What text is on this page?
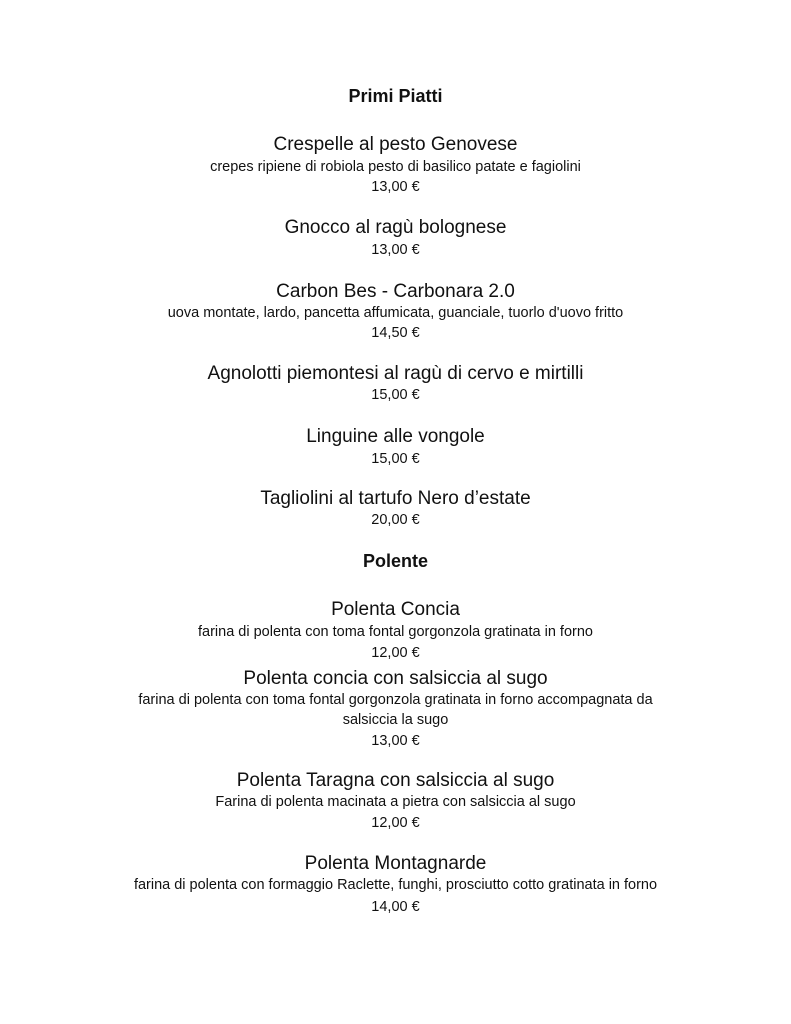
Primi Piatti
Crespelle al pesto Genovese
crepes ripiene di robiola pesto di basilico patate e fagiolini
13,00 €
Gnocco al ragù bolognese
13,00 €
Carbon Bes - Carbonara 2.0
uova montate, lardo, pancetta affumicata, guanciale, tuorlo d'uovo fritto
14,50 €
Agnolotti piemontesi al ragù di cervo e mirtilli
15,00 €
Linguine alle vongole
15,00 €
Tagliolini al tartufo Nero d’estate
20,00 €
Polente
Polenta Concia
farina di polenta con toma fontal gorgonzola gratinata in forno
12,00 €
Polenta concia con salsiccia al sugo
farina di polenta con toma fontal gorgonzola gratinata in forno accompagnata da
salsiccia la sugo
13,00 €
Polenta Taragna con salsiccia al sugo
Farina di polenta macinata a pietra con salsiccia al sugo
12,00 €
Polenta Montagnarde
farina di polenta con formaggio Raclette, funghi, prosciutto cotto gratinata in forno
14,00 €
